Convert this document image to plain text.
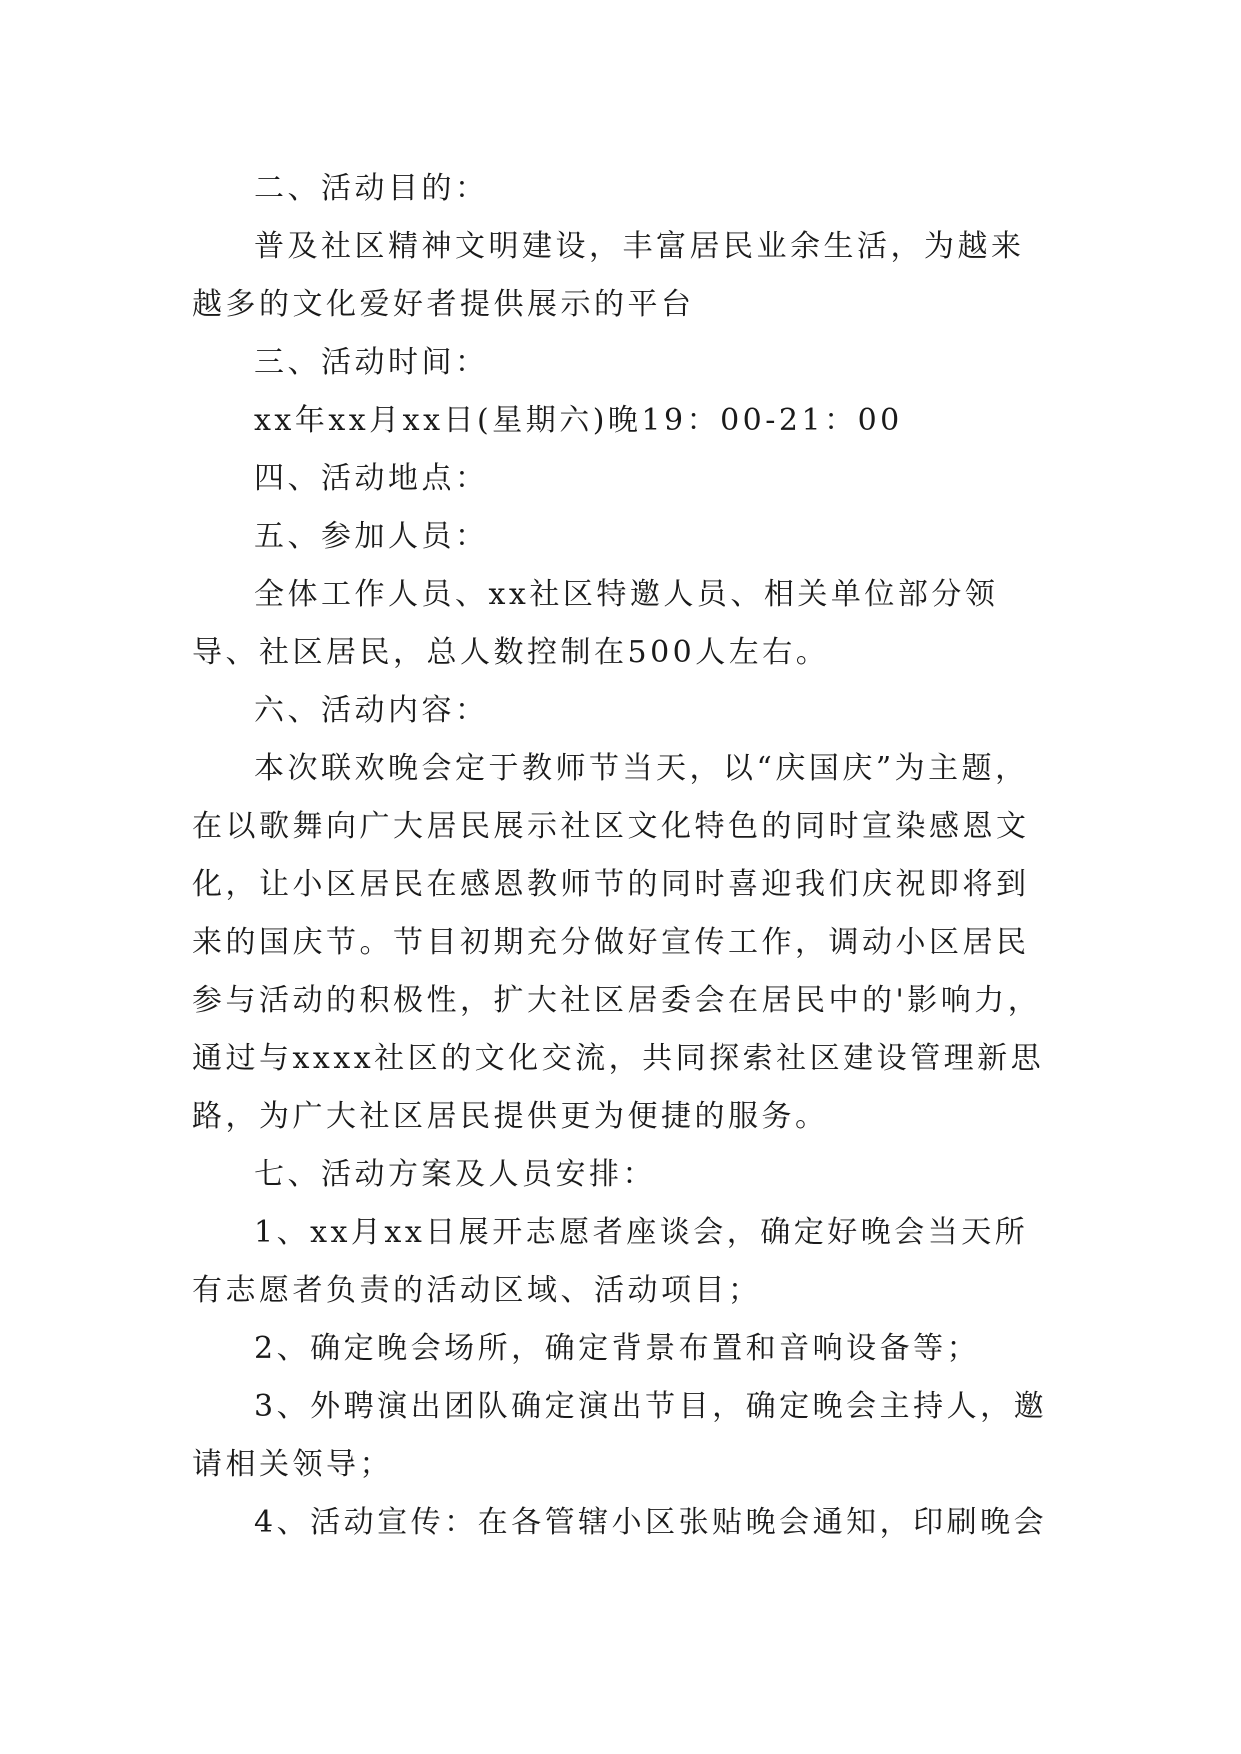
二、活动目的：

普及社区精神文明建设，丰富居民业余生活，为越来越多的文化爱好者提供展示的平台

三、活动时间：

xx年xx月xx日(星期六)晚19：00-21：00

四、活动地点：

五、参加人员：

全体工作人员、xx社区特邀人员、相关单位部分领导、社区居民，总人数控制在500人左右。

六、活动内容：

本次联欢晚会定于教师节当天，以“庆国庆”为主题，在以歌舞向广大居民展示社区文化特色的同时宣染感恩文化，让小区居民在感恩教师节的同时喜迎我们庆祝即将到来的国庆节。节目初期充分做好宣传工作，调动小区居民参与活动的积极性，扩大社区居委会在居民中的'影响力，通过与xxxx社区的文化交流，共同探索社区建设管理新思路，为广大社区居民提供更为便捷的服务。

七、活动方案及人员安排：

1、xx月xx日展开志愿者座谈会，确定好晚会当天所有志愿者负责的活动区域、活动项目；

2、确定晚会场所，确定背景布置和音响设备等；

3、外聘演出团队确定演出节目，确定晚会主持人，邀请相关领导；

4、活动宣传：在各管辖小区张贴晚会通知，印刷晚会
